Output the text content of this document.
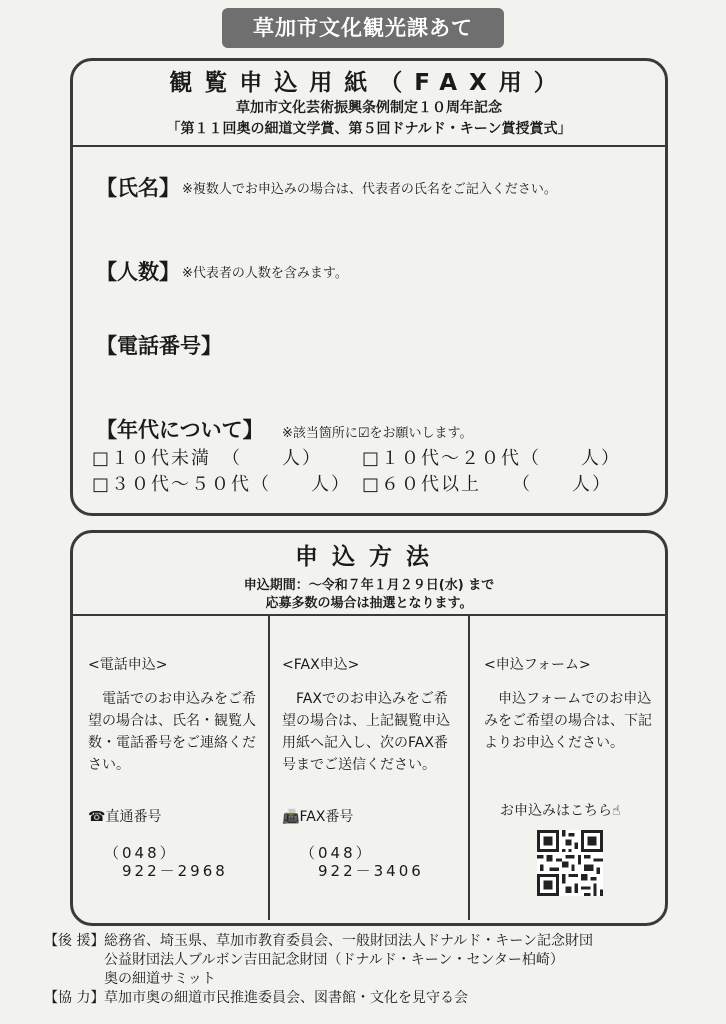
草加市文化観光課あて
観覧申込用紙（FAX用）
草加市文化芸術振興条例制定１０周年記念
「第１１回奥の細道文学賞、第５回ドナルド・キーン賞授賞式」
【氏名】 ※複数人でお申込みの場合は、代表者の氏名をご記入ください。
【人数】 ※代表者の人数を含みます。
【電話番号】
【年代について】 ※該当箇所に☑をお願いします。
□１０代未満　（　　人） □１０代～２０代（　　人）
□３０代～５０代（　　人） □６０代以上　　（　　人）
申込方法
申込期間：～令和７年１月２９日(水) まで
応募多数の場合は抽選となります。
<電話申込>
電話でのお申込みをご希望の場合は、氏名・観覧人数・電話番号をご連絡ください。
☎直通番号
（048）
922－2968
<FAX申込>
FAXでのお申込みをご希望の場合は、上記観覧申込用紙へ記入し、次のFAX番号までご送信ください。
📠FAX番号
（048）
922－3406
<申込フォーム>
申込フォームでのお申込みをご希望の場合は、下記よりお申込ください。
お申込みはこちら☝
【後 援】 総務省、埼玉県、草加市教育委員会、一般財団法人ドナルド・キーン記念財団
公益財団法人ブルボン吉田記念財団（ドナルド・キーン・センター柏崎）
奥の細道サミット
【協 力】 草加市奥の細道市民推進委員会、図書館・文化を見守る会
